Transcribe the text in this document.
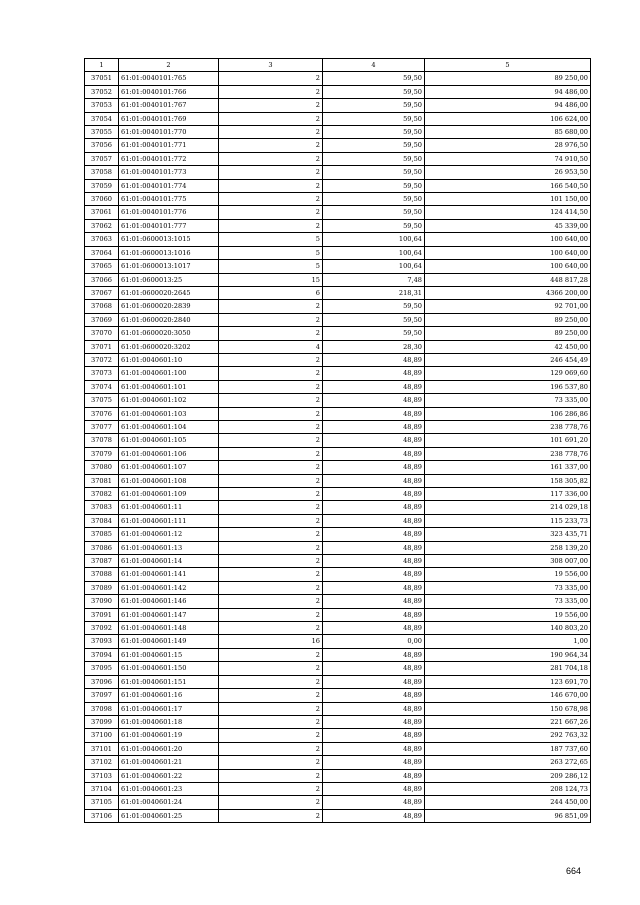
1	2	3	4	5
37051	61:01:0040101:765	2	59,50	89 250,00
37052	61:01:0040101:766	2	59,50	94 486,00
37053	61:01:0040101:767	2	59,50	94 486,00
37054	61:01:0040101:769	2	59,50	106 624,00
37055	61:01:0040101:770	2	59,50	85 680,00
37056	61:01:0040101:771	2	59,50	28 976,50
37057	61:01:0040101:772	2	59,50	74 910,50
37058	61:01:0040101:773	2	59,50	26 953,50
37059	61:01:0040101:774	2	59,50	166 540,50
37060	61:01:0040101:775	2	59,50	101 150,00
37061	61:01:0040101:776	2	59,50	124 414,50
37062	61:01:0040101:777	2	59,50	45 339,00
37063	61:01:0600013:1015	5	100,64	100 640,00
37064	61:01:0600013:1016	5	100,64	100 640,00
37065	61:01:0600013:1017	5	100,64	100 640,00
37066	61:01:0600013:25	15	7,48	448 817,28
37067	61:01:0600020:2645	6	218,31	4366 200,00
37068	61:01:0600020:2839	2	59,50	92 701,00
37069	61:01:0600020:2840	2	59,50	89 250,00
37070	61:01:0600020:3050	2	59,50	89 250,00
37071	61:01:0600020:3202	4	28,30	42 450,00
37072	61:01:0040601:10	2	48,89	246 454,49
37073	61:01:0040601:100	2	48,89	129 069,60
37074	61:01:0040601:101	2	48,89	196 537,80
37075	61:01:0040601:102	2	48,89	73 335,00
37076	61:01:0040601:103	2	48,89	106 286,86
37077	61:01:0040601:104	2	48,89	238 778,76
37078	61:01:0040601:105	2	48,89	101 691,20
37079	61:01:0040601:106	2	48,89	238 778,76
37080	61:01:0040601:107	2	48,89	161 337,00
37081	61:01:0040601:108	2	48,89	158 305,82
37082	61:01:0040601:109	2	48,89	117 336,00
37083	61:01:0040601:11	2	48,89	214 029,18
37084	61:01:0040601:111	2	48,89	115 233,73
37085	61:01:0040601:12	2	48,89	323 435,71
37086	61:01:0040601:13	2	48,89	258 139,20
37087	61:01:0040601:14	2	48,89	308 007,00
37088	61:01:0040601:141	2	48,89	19 556,00
37089	61:01:0040601:142	2	48,89	73 335,00
37090	61:01:0040601:146	2	48,89	73 335,00
37091	61:01:0040601:147	2	48,89	19 556,00
37092	61:01:0040601:148	2	48,89	140 803,20
37093	61:01:0040601:149	16	0,00	1,00
37094	61:01:0040601:15	2	48,89	190 964,34
37095	61:01:0040601:150	2	48,89	281 704,18
37096	61:01:0040601:151	2	48,89	123 691,70
37097	61:01:0040601:16	2	48,89	146 670,00
37098	61:01:0040601:17	2	48,89	150 678,98
37099	61:01:0040601:18	2	48,89	221 667,26
37100	61:01:0040601:19	2	48,89	292 763,32
37101	61:01:0040601:20	2	48,89	187 737,60
37102	61:01:0040601:21	2	48,89	263 272,65
37103	61:01:0040601:22	2	48,89	209 286,12
37104	61:01:0040601:23	2	48,89	208 124,73
37105	61:01:0040601:24	2	48,89	244 450,00
37106	61:01:0040601:25	2	48,89	96 851,09
664
